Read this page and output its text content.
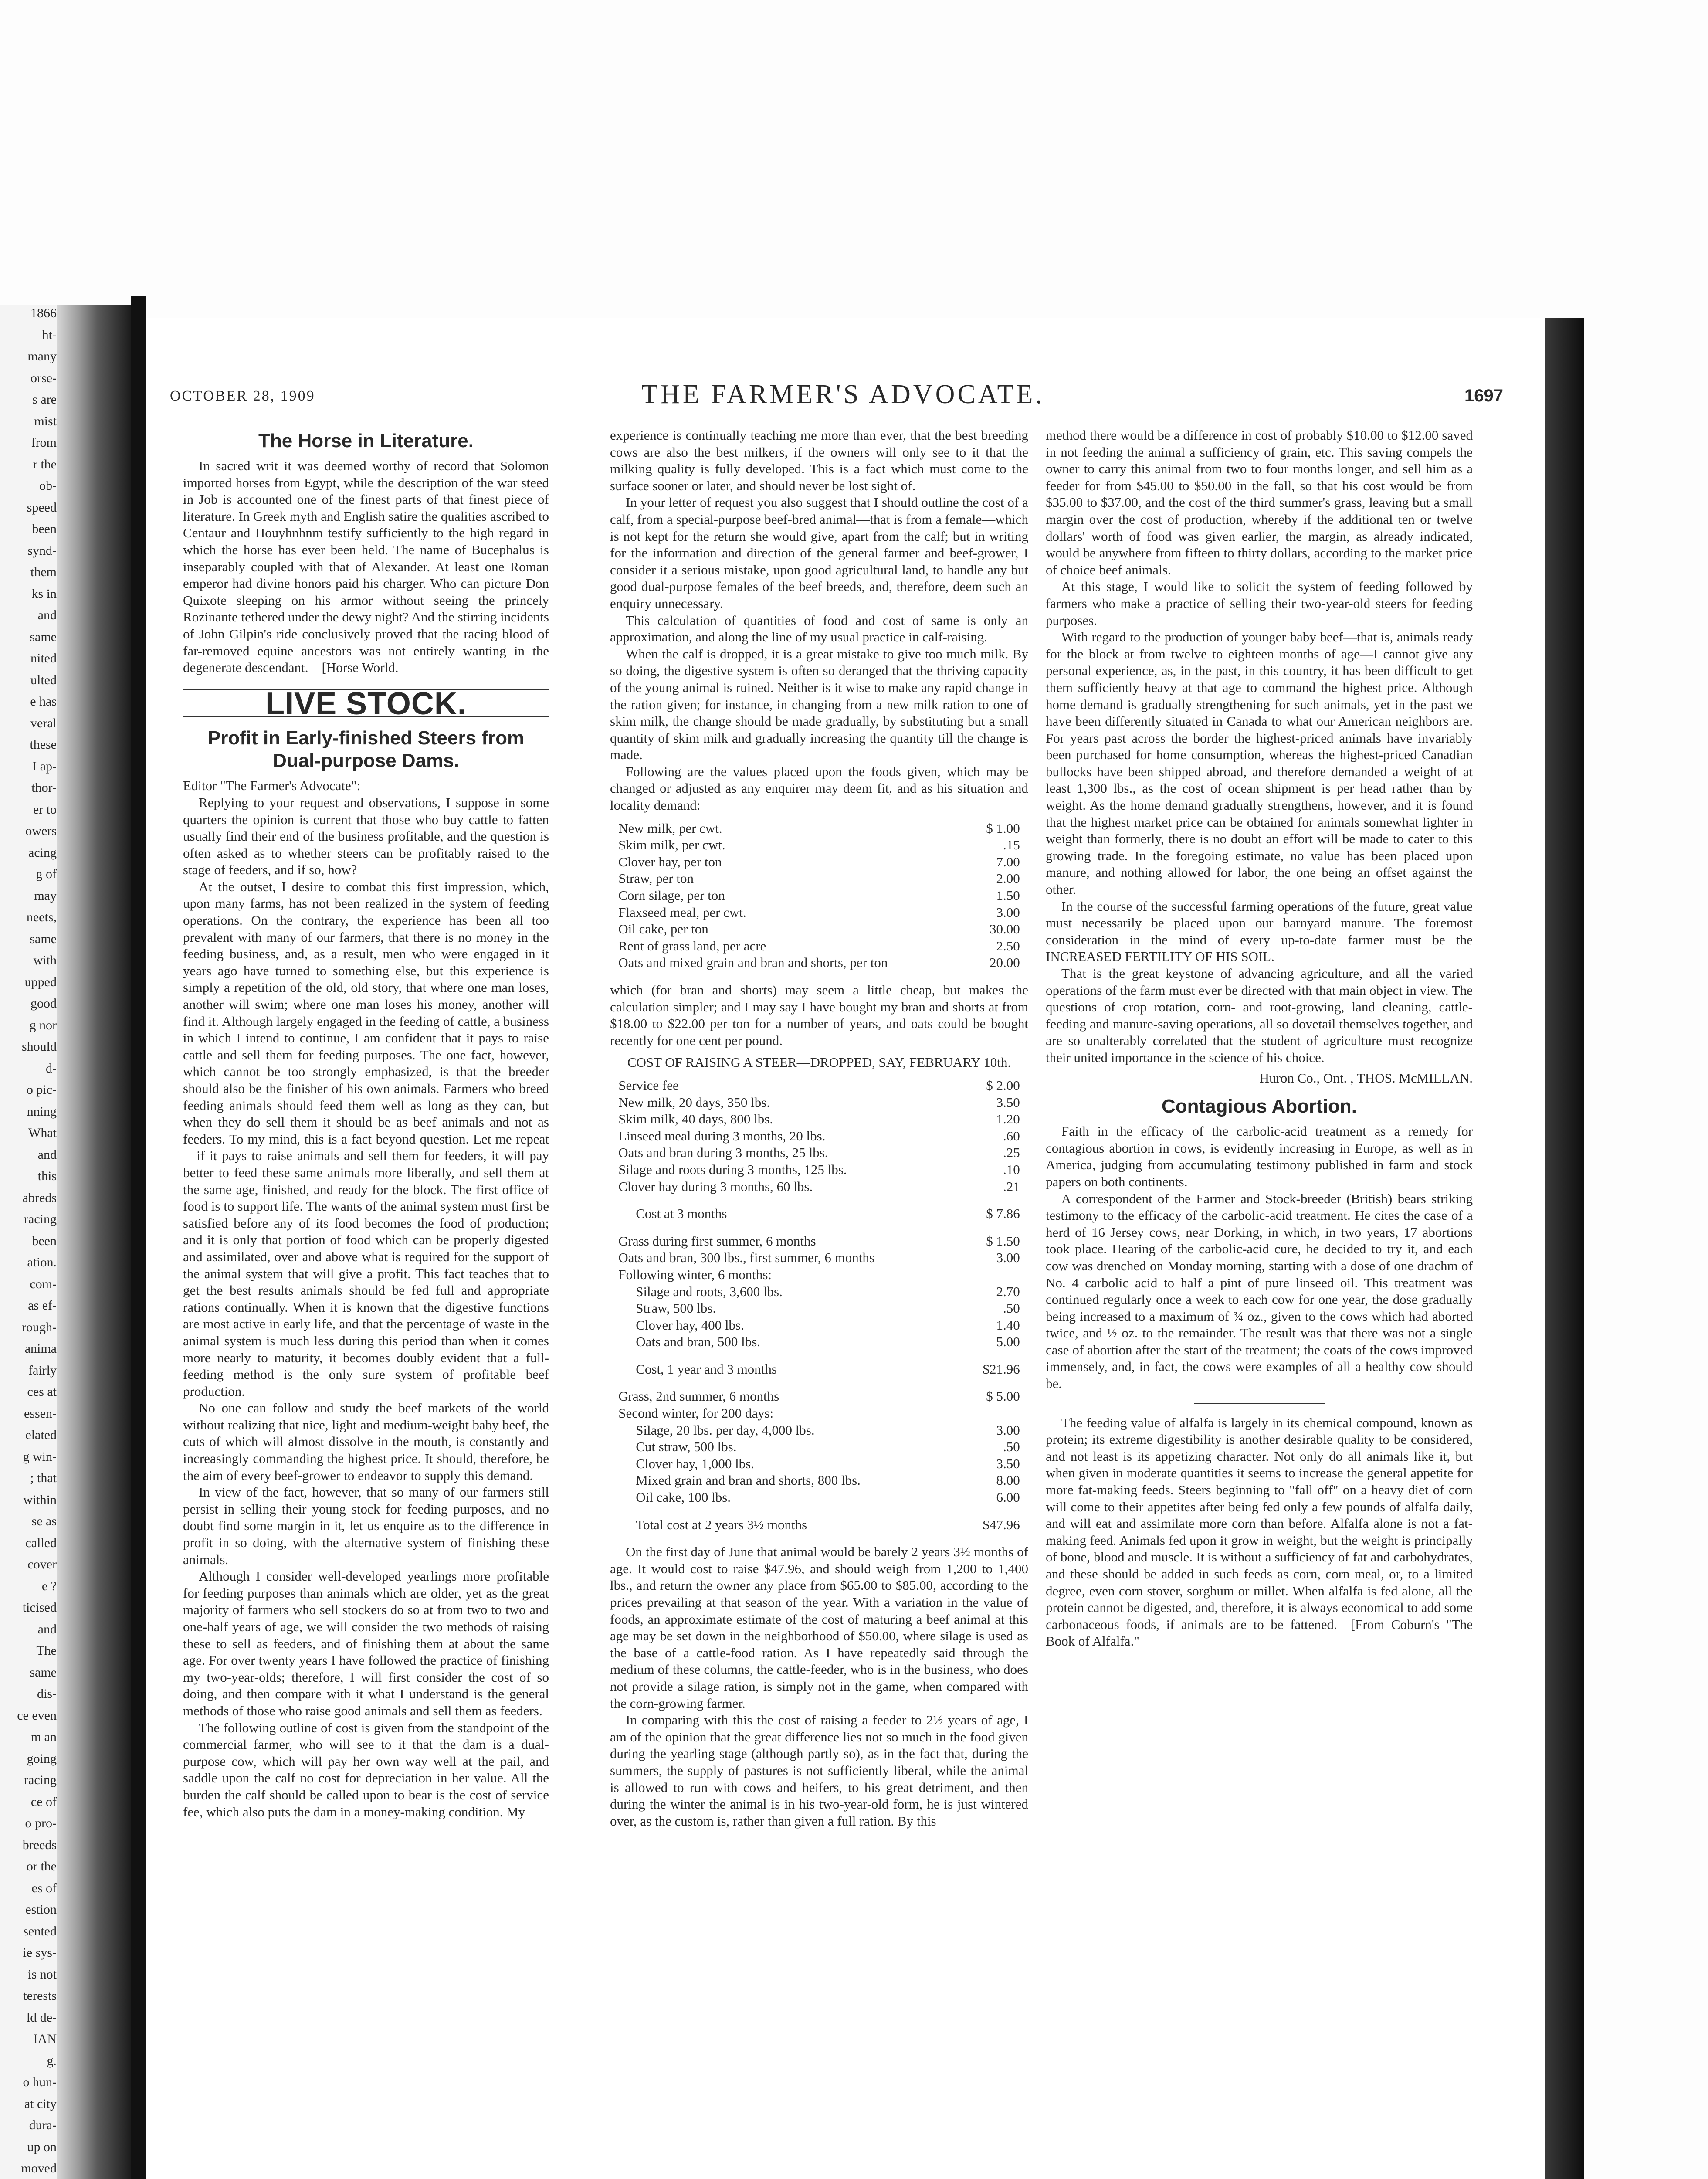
1866
ht-
many
orse-
s are
mist
from
r the
ob-
speed
been
synd-
them
ks in
and
same
nited
ulted
e has
veral
these
I ap-
thor-
er to
owers
acing
g of
may
neets,
same
with
upped
good
g nor
should
d-
o pic-
nning
What
and
this
abreds
racing
been
ation.
com-
as ef-
rough-
anima
fairly
ces at
essen-
elated
g win-
; that
within
se as
called
cover
e ?
ticised
and
The
same
dis-
ce even
m an
going
racing
ce of
o pro-
breeds
or the
es of
estion
sented
ie sys-
is not
terests
ld de-
IAN
g.
o hun-
at city
dura-
up on
moved
OCTOBER 28, 1909	THE FARMER'S ADVOCATE.	1697
The Horse in Literature.

In sacred writ it was deemed worthy of record that Solomon imported horses from Egypt, while the description of the war steed in Job is accounted one of the finest parts of that finest piece of literature. In Greek myth and English satire the qualities ascribed to Centaur and Houyhnhnm testify sufficiently to the high regard in which the horse has ever been held. The name of Bucephalus is inseparably coupled with that of Alexander. At least one Roman emperor had divine honors paid his charger. Who can picture Don Quixote sleeping on his armor without seeing the princely Rozinante tethered under the dewy night? And the stirring incidents of John Gilpin's ride conclusively proved that the racing blood of far-removed equine ancestors was not entirely wanting in the degenerate descendant.—[Horse World.

LIVE STOCK.
Profit in Early-finished Steers from Dual-purpose Dams.

Editor "The Farmer's Advocate":

Replying to your request and observations, I suppose in some quarters the opinion is current that those who buy cattle to fatten usually find their end of the business profitable, and the question is often asked as to whether steers can be profitably raised to the stage of feeders, and if so, how?

At the outset, I desire to combat this first impression, which, upon many farms, has not been realized in the system of feeding operations. On the contrary, the experience has been all too prevalent with many of our farmers, that there is no money in the feeding business, and, as a result, men who were engaged in it years ago have turned to something else, but this experience is simply a repetition of the old, old story, that where one man loses, another will swim; where one man loses his money, another will find it. Although largely engaged in the feeding of cattle, a business in which I intend to continue, I am confident that it pays to raise cattle and sell them for feeding purposes. The one fact, however, which cannot be too strongly emphasized, is that the breeder should also be the finisher of his own animals. Farmers who breed feeding animals should feed them well as long as they can, but when they do sell them it should be as beef animals and not as feeders. To my mind, this is a fact beyond question. Let me repeat—if it pays to raise animals and sell them for feeders, it will pay better to feed these same animals more liberally, and sell them at the same age, finished, and ready for the block. The first office of food is to support life. The wants of the animal system must first be satisfied before any of its food becomes the food of production; and it is only that portion of food which can be properly digested and assimilated, over and above what is required for the support of the animal system that will give a profit. This fact teaches that to get the best results animals should be fed full and appropriate rations continually. When it is known that the digestive functions are most active in early life, and that the percentage of waste in the animal system is much less during this period than when it comes more nearly to maturity, it becomes doubly evident that a full-feeding method is the only sure system of profitable beef production.

No one can follow and study the beef markets of the world without realizing that nice, light and medium-weight baby beef, the cuts of which will almost dissolve in the mouth, is constantly and increasingly commanding the highest price. It should, therefore, be the aim of every beef-grower to endeavor to supply this demand.

In view of the fact, however, that so many of our farmers still persist in selling their young stock for feeding purposes, and no doubt find some margin in it, let us enquire as to the difference in profit in so doing, with the alternative system of finishing these animals.

Although I consider well-developed yearlings more profitable for feeding purposes than animals which are older, yet as the great majority of farmers who sell stockers do so at from two to two and one-half years of age, we will consider the two methods of raising these to sell as feeders, and of finishing them at about the same age. For over twenty years I have followed the practice of finishing my two-year-olds; therefore, I will first consider the cost of so doing, and then compare with it what I understand is the general methods of those who raise good animals and sell them as feeders.

The following outline of cost is given from the standpoint of the commercial farmer, who will see to it that the dam is a dual-purpose cow, which will pay her own way well at the pail, and saddle upon the calf no cost for depreciation in her value. All the burden the calf should be called upon to bear is the cost of service fee, which also puts the dam in a money-making condition. My

experience is continually teaching me more than ever, that the best breeding cows are also the best milkers, if the owners will only see to it that the milking quality is fully developed. This is a fact which must come to the surface sooner or later, and should never be lost sight of.

In your letter of request you also suggest that I should outline the cost of a calf, from a special-purpose beef-bred animal—that is from a female—which is not kept for the return she would give, apart from the calf; but in writing for the information and direction of the general farmer and beef-grower, I consider it a serious mistake, upon good agricultural land, to handle any but good dual-purpose females of the beef breeds, and, therefore, deem such an enquiry unnecessary.

This calculation of quantities of food and cost of same is only an approximation, and along the line of my usual practice in calf-raising.

When the calf is dropped, it is a great mistake to give too much milk. By so doing, the digestive system is often so deranged that the thriving capacity of the young animal is ruined. Neither is it wise to make any rapid change in the ration given; for instance, in changing from a new milk ration to one of skim milk, the change should be made gradually, by substituting but a small quantity of skim milk and gradually increasing the quantity till the change is made.

Following are the values placed upon the foods given, which may be changed or adjusted as any enquirer may deem fit, and as his situation and locality demand:

New milk, per cwt.	$ 1.00
Skim milk, per cwt.	.15
Clover hay, per ton	7.00
Straw, per ton	2.00
Corn silage, per ton	1.50
Flaxseed meal, per cwt.	3.00
Oil cake, per ton	30.00
Rent of grass land, per acre	2.50
Oats and mixed grain and bran and shorts, per ton	20.00

which (for bran and shorts) may seem a little cheap, but makes the calculation simpler; and I may say I have bought my bran and shorts at from $18.00 to $22.00 per ton for a number of years, and oats could be bought recently for one cent per pound.

COST OF RAISING A STEER—DROPPED, SAY, FEBRUARY 10th.
Service fee	$ 2.00
New milk, 20 days, 350 lbs.	3.50
Skim milk, 40 days, 800 lbs.	1.20
Linseed meal during 3 months, 20 lbs.	.60
Oats and bran during 3 months, 25 lbs.	.25
Silage and roots during 3 months, 125 lbs.	.10
Clover hay during 3 months, 60 lbs.	.21
Cost at 3 months	$ 7.86
Grass during first summer, 6 months	$ 1.50
Oats and bran, 300 lbs., first summer, 6 months	3.00
Following winter, 6 months:	
Silage and roots, 3,600 lbs.	2.70
Straw, 500 lbs.	.50
Clover hay, 400 lbs.	1.40
Oats and bran, 500 lbs.	5.00
Cost, 1 year and 3 months	$21.96
Grass, 2nd summer, 6 months	$ 5.00
Second winter, for 200 days:	
Silage, 20 lbs. per day, 4,000 lbs.	3.00
Cut straw, 500 lbs.	.50
Clover hay, 1,000 lbs.	3.50
Mixed grain and bran and shorts, 800 lbs.	8.00
Oil cake, 100 lbs.	6.00
Total cost at 2 years 3½ months	$47.96

On the first day of June that animal would be barely 2 years 3½ months of age. It would cost to raise $47.96, and should weigh from 1,200 to 1,400 lbs., and return the owner any place from $65.00 to $85.00, according to the prices prevailing at that season of the year. With a variation in the value of foods, an approximate estimate of the cost of maturing a beef animal at this age may be set down in the neighborhood of $50.00, where silage is used as the base of a cattle-food ration. As I have repeatedly said through the medium of these columns, the cattle-feeder, who is in the business, who does not provide a silage ration, is simply not in the game, when compared with the corn-growing farmer.

In comparing with this the cost of raising a feeder to 2½ years of age, I am of the opinion that the great difference lies not so much in the food given during the yearling stage (although partly so), as in the fact that, during the summers, the supply of pastures is not sufficiently liberal, while the animal is allowed to run with cows and heifers, to his great detriment, and then during the winter the animal is in his two-year-old form, he is just wintered over, as the custom is, rather than given a full ration. By this

method there would be a difference in cost of probably $10.00 to $12.00 saved in not feeding the animal a sufficiency of grain, etc. This saving compels the owner to carry this animal from two to four months longer, and sell him as a feeder for from $45.00 to $50.00 in the fall, so that his cost would be from $35.00 to $37.00, and the cost of the third summer's grass, leaving but a small margin over the cost of production, whereby if the additional ten or twelve dollars' worth of food was given earlier, the margin, as already indicated, would be anywhere from fifteen to thirty dollars, according to the market price of choice beef animals.

At this stage, I would like to solicit the system of feeding followed by farmers who make a practice of selling their two-year-old steers for feeding purposes.

With regard to the production of younger baby beef—that is, animals ready for the block at from twelve to eighteen months of age—I cannot give any personal experience, as, in the past, in this country, it has been difficult to get them sufficiently heavy at that age to command the highest price. Although home demand is gradually strengthening for such animals, yet in the past we have been differently situated in Canada to what our American neighbors are. For years past across the border the highest-priced animals have invariably been purchased for home consumption, whereas the highest-priced Canadian bullocks have been shipped abroad, and therefore demanded a weight of at least 1,300 lbs., as the cost of ocean shipment is per head rather than by weight. As the home demand gradually strengthens, however, and it is found that the highest market price can be obtained for animals somewhat lighter in weight than formerly, there is no doubt an effort will be made to cater to this growing trade. In the foregoing estimate, no value has been placed upon manure, and nothing allowed for labor, the one being an offset against the other.

In the course of the successful farming operations of the future, great value must necessarily be placed upon our barnyard manure. The foremost consideration in the mind of every up-to-date farmer must be the INCREASED FERTILITY OF HIS SOIL.

That is the great keystone of advancing agriculture, and all the varied operations of the farm must ever be directed with that main object in view. The questions of crop rotation, corn- and root-growing, land cleaning, cattle-feeding and manure-saving operations, all so dovetail themselves together, and are so unalterably correlated that the student of agriculture must recognize their united importance in the science of his choice.

Huron Co., Ont. , THOS. McMILLAN.
Contagious Abortion.

Faith in the efficacy of the carbolic-acid treatment as a remedy for contagious abortion in cows, is evidently increasing in Europe, as well as in America, judging from accumulating testimony published in farm and stock papers on both continents.

A correspondent of the Farmer and Stock-breeder (British) bears striking testimony to the efficacy of the carbolic-acid treatment. He cites the case of a herd of 16 Jersey cows, near Dorking, in which, in two years, 17 abortions took place. Hearing of the carbolic-acid cure, he decided to try it, and each cow was drenched on Monday morning, starting with a dose of one drachm of No. 4 carbolic acid to half a pint of pure linseed oil. This treatment was continued regularly once a week to each cow for one year, the dose gradually being increased to a maximum of ¾ oz., given to the cows which had aborted twice, and ½ oz. to the remainder. The result was that there was not a single case of abortion after the start of the treatment; the coats of the cows improved immensely, and, in fact, the cows were examples of all a healthy cow should be.

The feeding value of alfalfa is largely in its chemical compound, known as protein; its extreme digestibility is another desirable quality to be considered, and not least is its appetizing character. Not only do all animals like it, but when given in moderate quantities it seems to increase the general appetite for more fat-making feeds. Steers beginning to "fall off" on a heavy diet of corn will come to their appetites after being fed only a few pounds of alfalfa daily, and will eat and assimilate more corn than before. Alfalfa alone is not a fat-making feed. Animals fed upon it grow in weight, but the weight is principally of bone, blood and muscle. It is without a sufficiency of fat and carbohydrates, and these should be added in such feeds as corn, corn meal, or, to a limited degree, even corn stover, sorghum or millet. When alfalfa is fed alone, all the protein cannot be digested, and, therefore, it is always economical to add some carbonaceous foods, if animals are to be fattened.—[From Coburn's "The Book of Alfalfa."
